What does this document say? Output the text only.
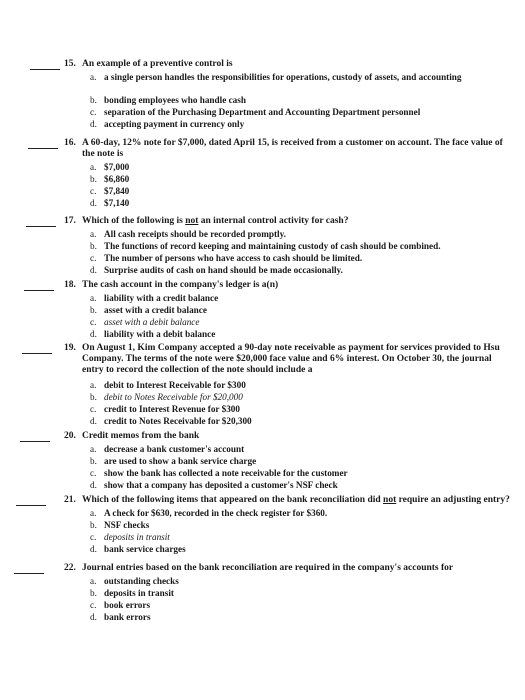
15. An example of a preventive control is
a. a single person handles the responsibilities for operations, custody of assets, and accounting
b. bonding employees who handle cash
c. separation of the Purchasing Department and Accounting Department personnel
d. accepting payment in currency only
16. A 60-day, 12% note for $7,000, dated April 15, is received from a customer on account. The face value of the note is
a. $7,000
b. $6,860
c. $7,840
d. $7,140
17. Which of the following is not an internal control activity for cash?
a. All cash receipts should be recorded promptly.
b. The functions of record keeping and maintaining custody of cash should be combined.
c. The number of persons who have access to cash should be limited.
d. Surprise audits of cash on hand should be made occasionally.
18. The cash account in the company's ledger is a(n)
a. liability with a credit balance
b. asset with a credit balance
c. asset with a debit balance
d. liability with a debit balance
19. On August 1, Kim Company accepted a 90-day note receivable as payment for services provided to Hsu Company. The terms of the note were $20,000 face value and 6% interest. On October 30, the journal entry to record the collection of the note should include a
a. debit to Interest Receivable for $300
b. debit to Notes Receivable for $20,000
c. credit to Interest Revenue for $300
d. credit to Notes Receivable for $20,300
20. Credit memos from the bank
a. decrease a bank customer's account
b. are used to show a bank service charge
c. show the bank has collected a note receivable for the customer
d. show that a company has deposited a customer's NSF check
21. Which of the following items that appeared on the bank reconciliation did not require an adjusting entry?
a. A check for $630, recorded in the check register for $360.
b. NSF checks
c. deposits in transit
d. bank service charges
22. Journal entries based on the bank reconciliation are required in the company's accounts for
a. outstanding checks
b. deposits in transit
c. book errors
d. bank errors
